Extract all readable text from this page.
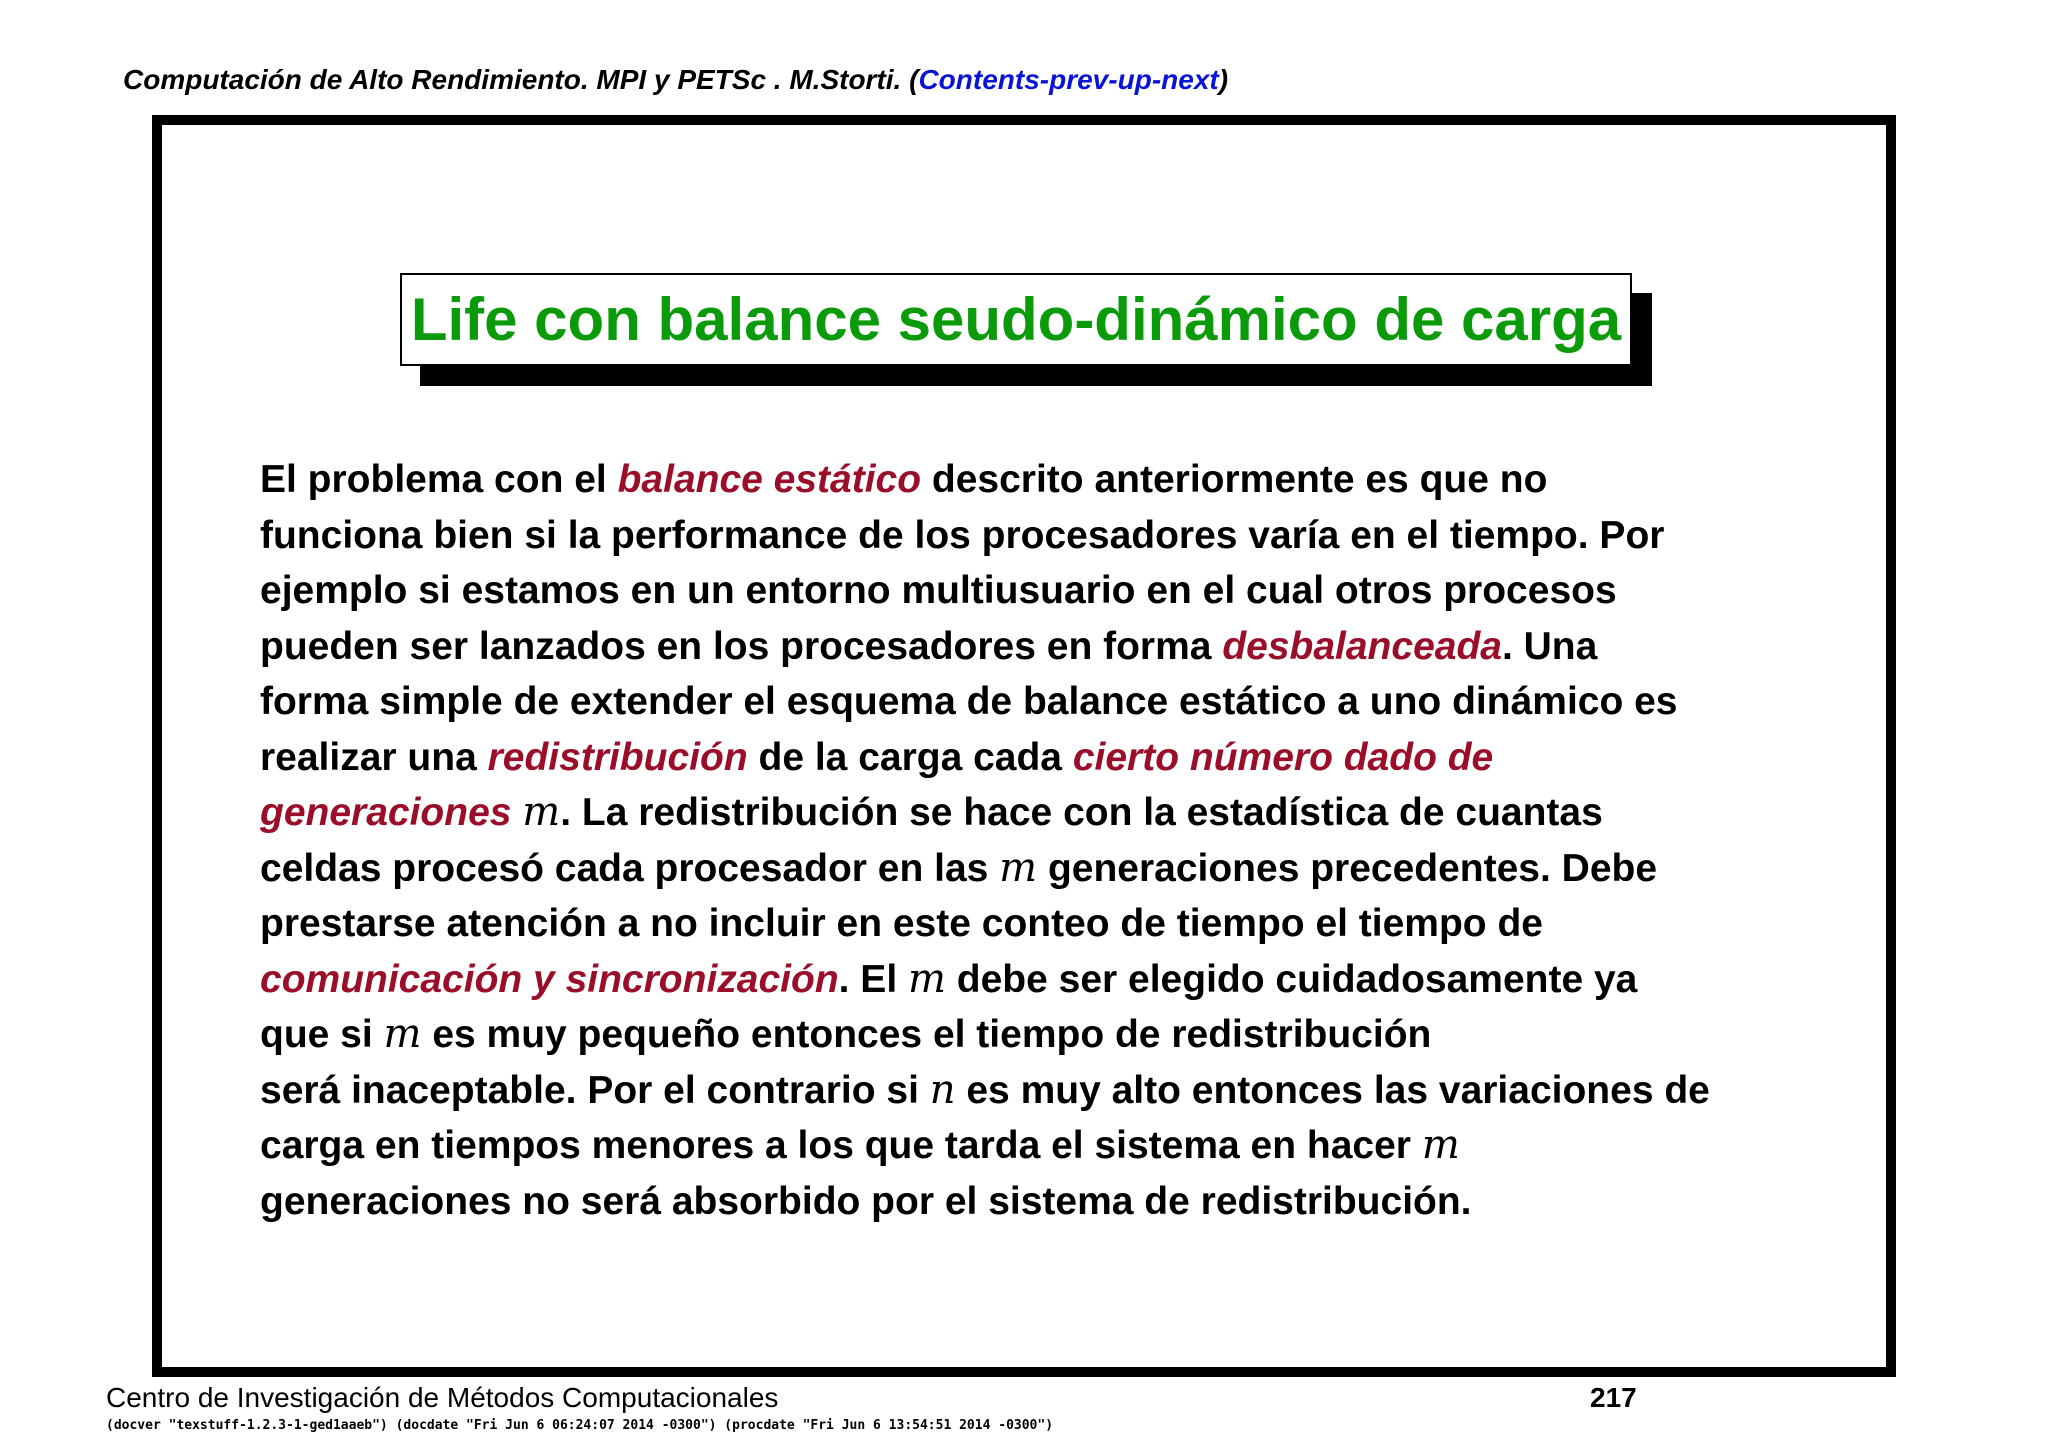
Computación de Alto Rendimiento. MPI y PETSc . M.Storti. (Contents-prev-up-next)
Life con balance seudo-dinámico de carga
El problema con el balance estático descrito anteriormente es que no
funciona bien si la performance de los procesadores varía en el tiempo. Por
ejemplo si estamos en un entorno multiusuario en el cual otros procesos
pueden ser lanzados en los procesadores en forma desbalanceada. Una
forma simple de extender el esquema de balance estático a uno dinámico es
realizar una redistribución de la carga cada cierto número dado de
generaciones m. La redistribución se hace con la estadística de cuantas
celdas procesó cada procesador en las m generaciones precedentes. Debe
prestarse atención a no incluir en este conteo de tiempo el tiempo de
comunicación y sincronización. El m debe ser elegido cuidadosamente ya
que si m es muy pequeño entonces el tiempo de redistribución
será inaceptable. Por el contrario si n es muy alto entonces las variaciones de
carga en tiempos menores a los que tarda el sistema en hacer m
generaciones no será absorbido por el sistema de redistribución.
Centro de Investigación de Métodos Computacionales	217
(docver "texstuff-1.2.3-1-ged1aaeb") (docdate "Fri Jun 6 06:24:07 2014 -0300") (procdate "Fri Jun 6 13:54:51 2014 -0300")
